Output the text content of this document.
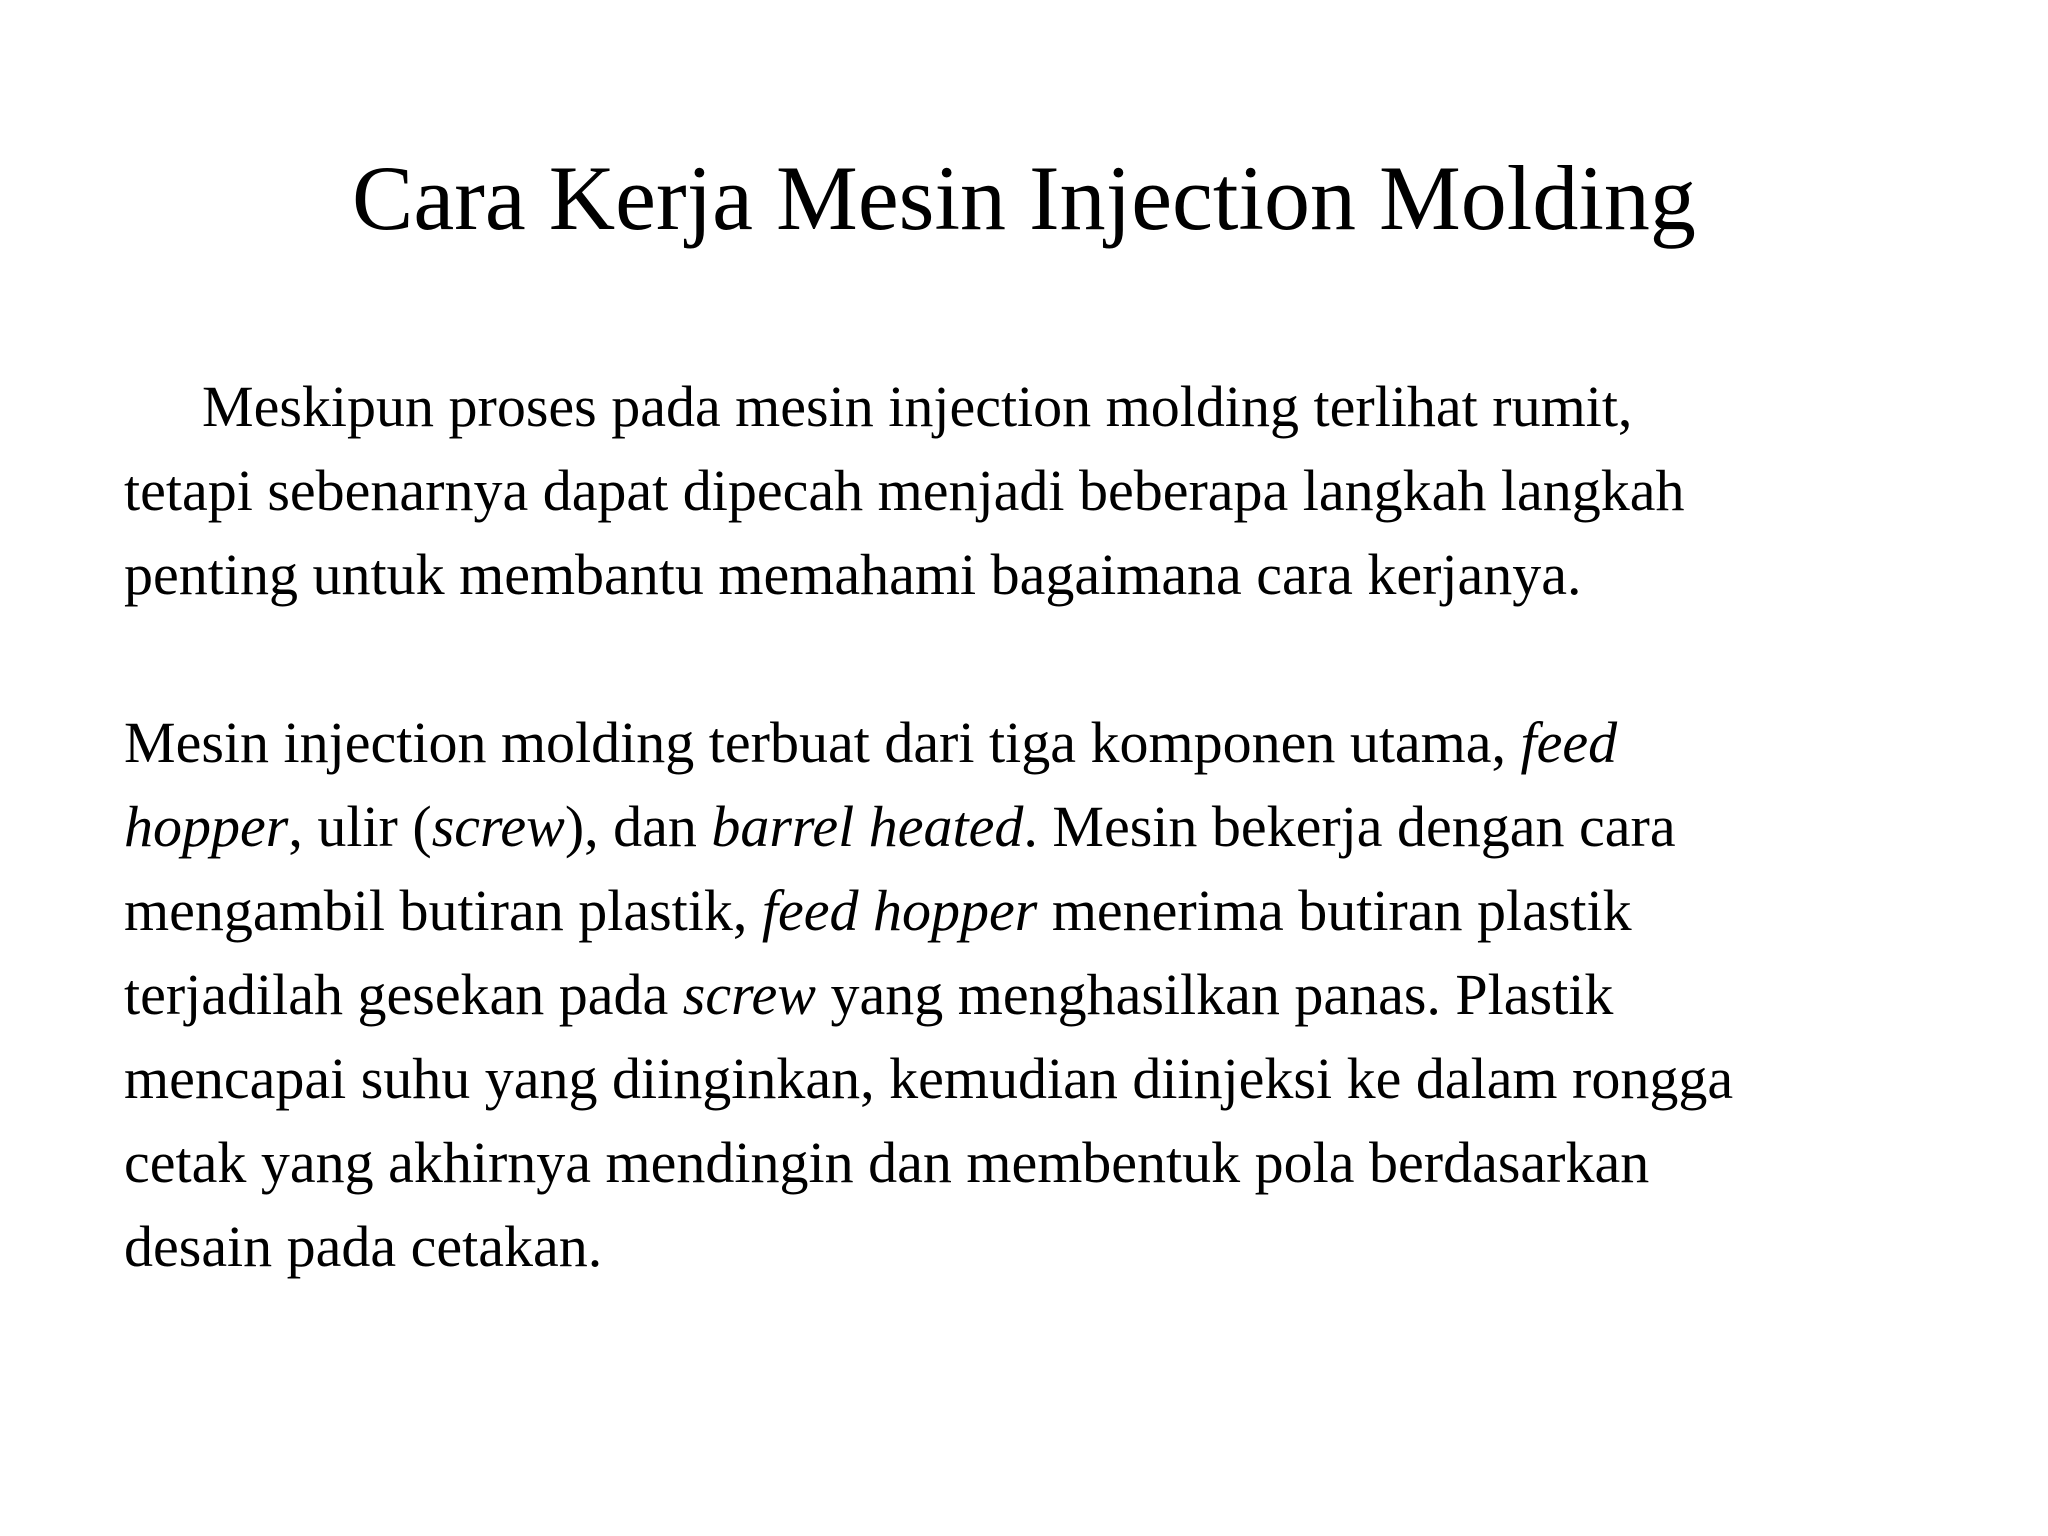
Cara Kerja Mesin Injection Molding

Meskipun proses pada mesin injection molding terlihat rumit, tetapi sebenarnya dapat dipecah menjadi beberapa langkah langkah penting untuk membantu memahami bagaimana cara kerjanya.

Mesin injection molding terbuat dari tiga komponen utama, feed hopper, ulir (screw), dan barrel heated. Mesin bekerja dengan cara mengambil butiran plastik, feed hopper menerima butiran plastik terjadilah gesekan pada screw yang menghasilkan panas. Plastik mencapai suhu yang diinginkan, kemudian diinjeksi ke dalam rongga cetak yang akhirnya mendingin dan membentuk pola berdasarkan desain pada cetakan.
